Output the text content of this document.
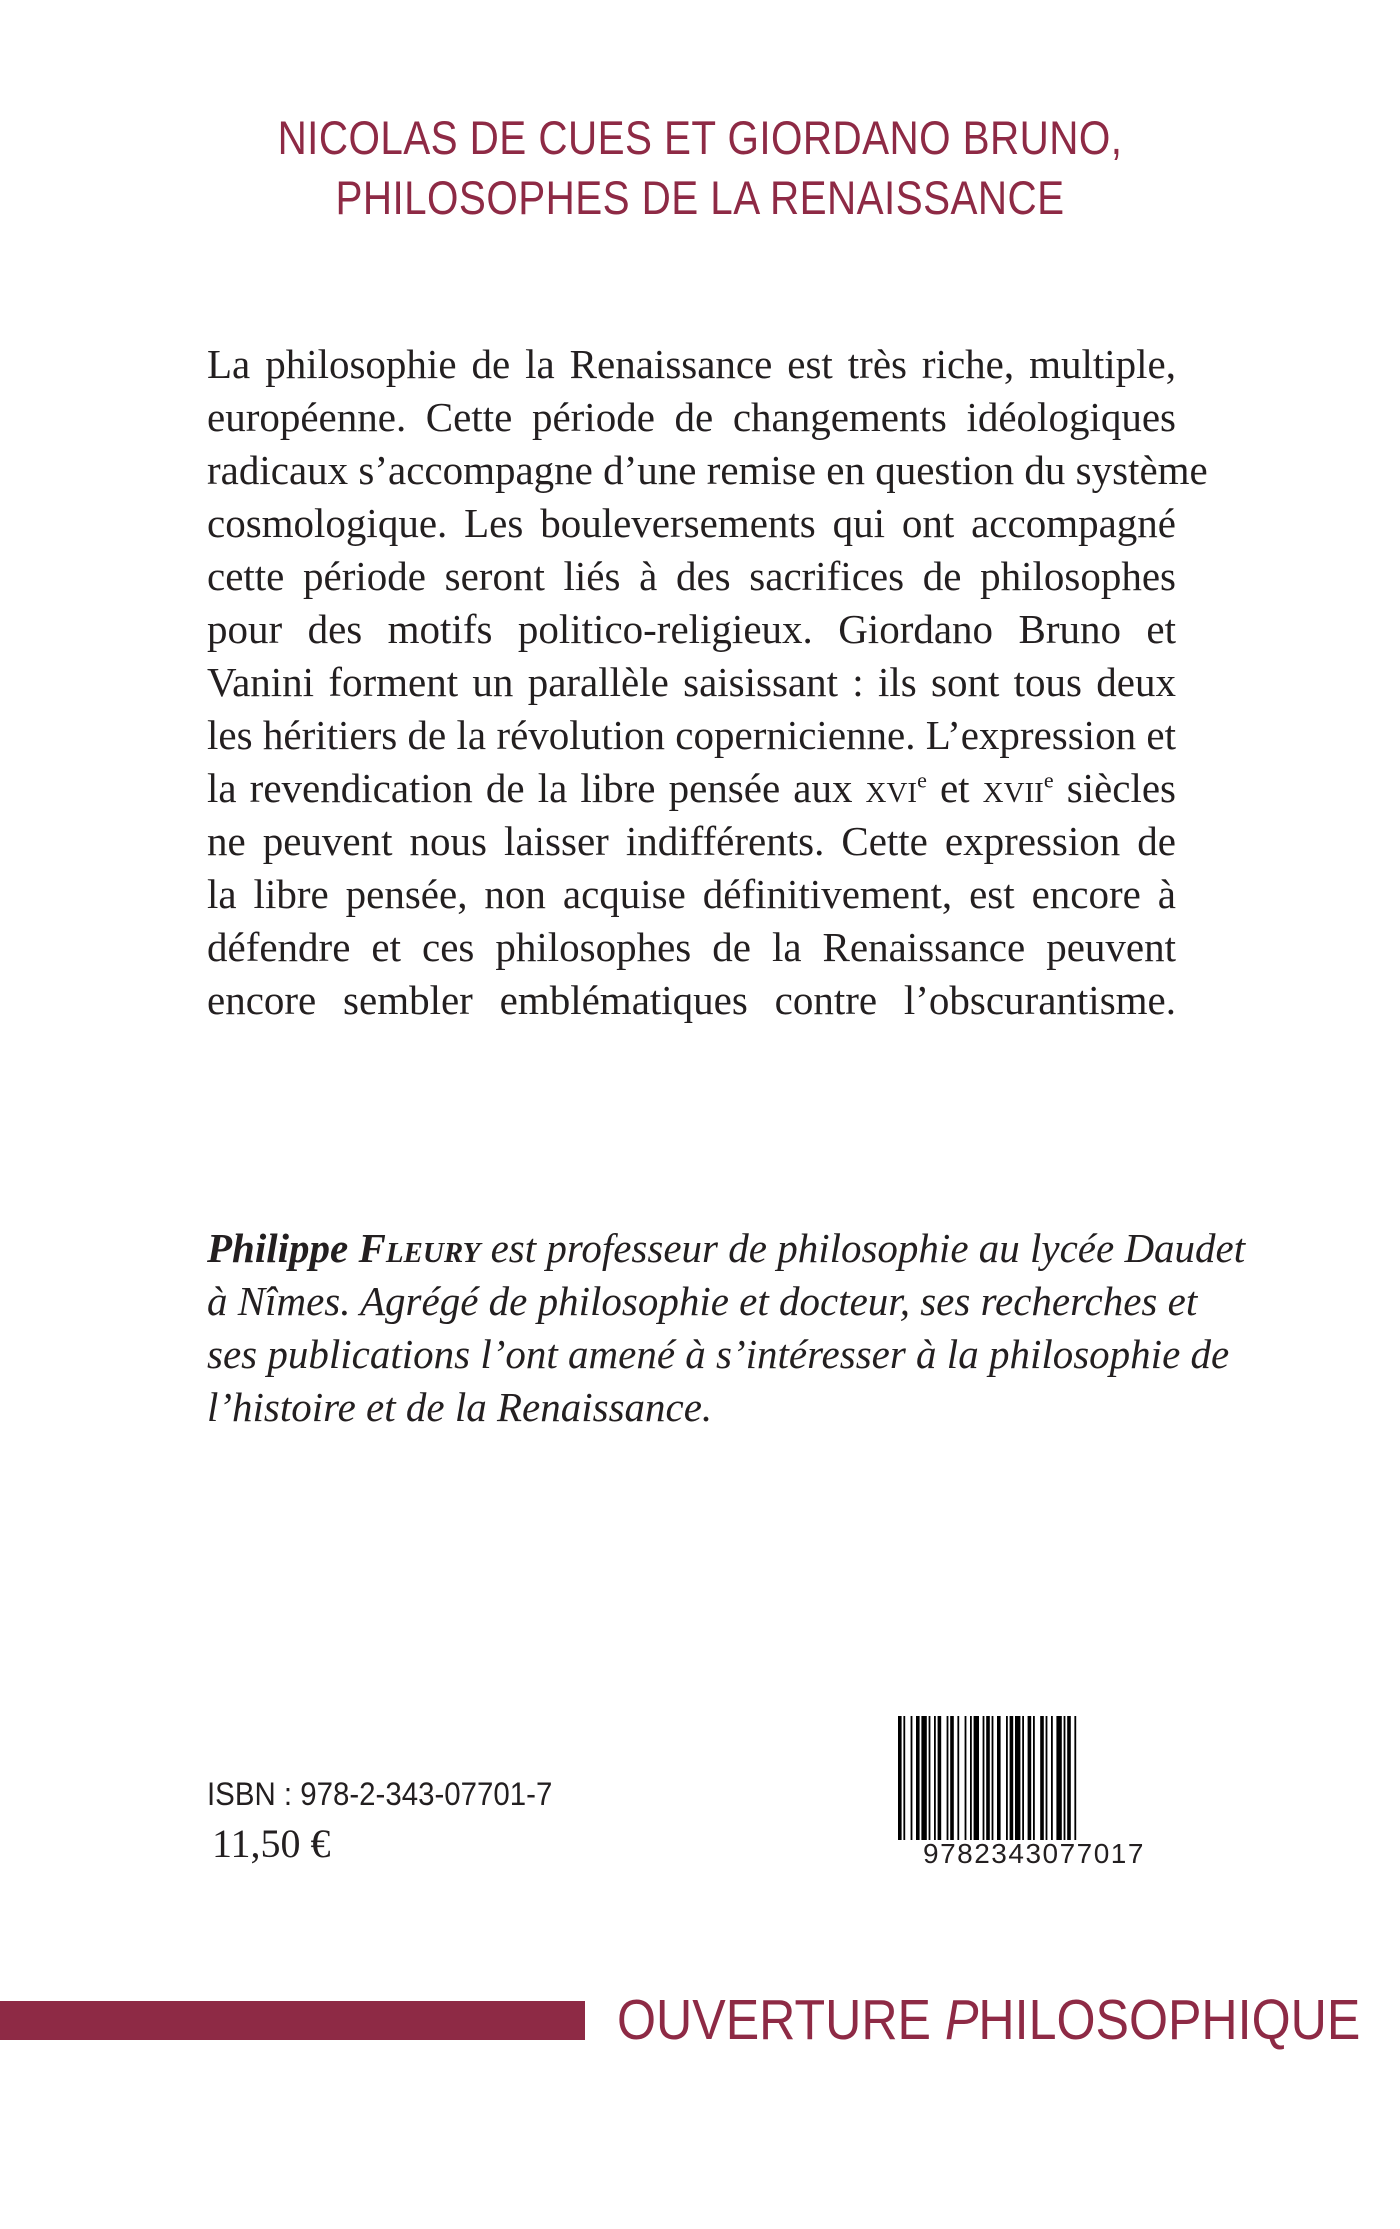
NICOLAS DE CUES ET GIORDANO BRUNO,
PHILOSOPHES DE LA RENAISSANCE
La philosophie de la Renaissance est très riche, multiple,
européenne. Cette période de changements idéologiques
radicaux s’accompagne d’une remise en question du système
cosmologique. Les bouleversements qui ont accompagné
cette période seront liés à des sacrifices de philosophes
pour des motifs politico-religieux. Giordano Bruno et
Vanini forment un parallèle saisissant : ils sont tous deux
les héritiers de la révolution copernicienne. L’expression et
la revendication de la libre pensée aux xvi$^e$ et xvii$^e$ siècles
ne peuvent nous laisser indifférents. Cette expression de
la libre pensée, non acquise définitivement, est encore à
défendre et ces philosophes de la Renaissance peuvent
encore sembler emblématiques contre l’obscurantisme.
Philippe Fleury est professeur de philosophie au lycée Daudet
à Nîmes. Agrégé de philosophie et docteur, ses recherches et
ses publications l’ont amené à s’intéresser à la philosophie de
l’histoire et de la Renaissance.
ISBN : 978-2-343-07701-7
11,50 €	9782343077017
OUVERTURE PHILOSOPHIQUE
